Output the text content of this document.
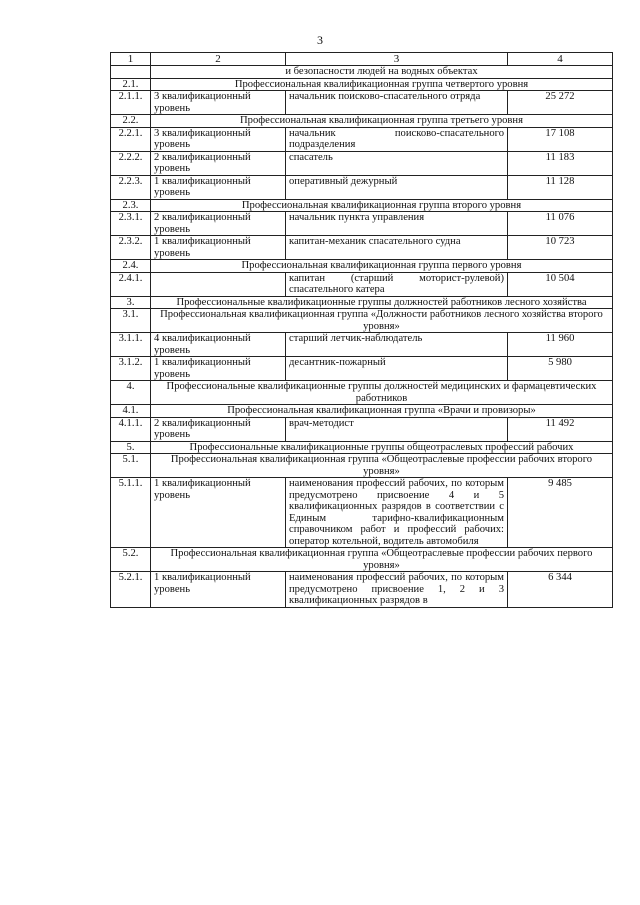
3
1	2	3	4
	и безопасности людей на водных объектах		
2.1.	Профессиональная квалификационная группа четвертого уровня		
2.1.1.	3 квалификационный уровень	начальник поисково-спасательного отряда	25 272
2.2.	Профессиональная квалификационная группа третьего уровня		
2.2.1.	3 квалификационный уровень	начальник поисково-спасательного подразделения	17 108
2.2.2.	2 квалификационный уровень	спасатель	11 183
2.2.3.	1 квалификационный уровень	оперативный дежурный	11 128
2.3.	Профессиональная квалификационная группа второго уровня		
2.3.1.	2 квалификационный уровень	начальник пункта управления	11 076
2.3.2.	1 квалификационный уровень	капитан-механик спасательного судна	10 723
2.4.	Профессиональная квалификационная группа первого уровня		
2.4.1.		капитан (старший моторист-рулевой) спасательного катера	10 504
3.	Профессиональные квалификационные группы должностей работников лесного хозяйства		
3.1.	Профессиональная квалификационная группа «Должности работников лесного хозяйства второго уровня»		
3.1.1.	4 квалификационный уровень	старший летчик-наблюдатель	11 960
3.1.2.	1 квалификационный уровень	десантник-пожарный	5 980
4.	Профессиональные квалификационные группы должностей медицинских и фармацевтических работников		
4.1.	Профессиональная квалификационная группа «Врачи и провизоры»		
4.1.1.	2 квалификационный уровень	врач-методист	11 492
5.	Профессиональные квалификационные группы общеотраслевых профессий рабочих		
5.1.	Профессиональная квалификационная группа «Общеотраслевые профессии рабочих второго уровня»		
5.1.1.	1 квалификационный уровень	наименования профессий рабочих, по которым предусмотрено присвоение 4 и 5 квалификационных разрядов в соответствии с Единым тарифно-квалификационным справочником работ и профессий рабочих: оператор котельной, водитель автомобиля	9 485
5.2.	Профессиональная квалификационная группа «Общеотраслевые профессии рабочих первого уровня»		
5.2.1.	1 квалификационный уровень	наименования профессий рабочих, по которым предусмотрено присвоение 1, 2 и 3 квалификационных разрядов в	6 344
